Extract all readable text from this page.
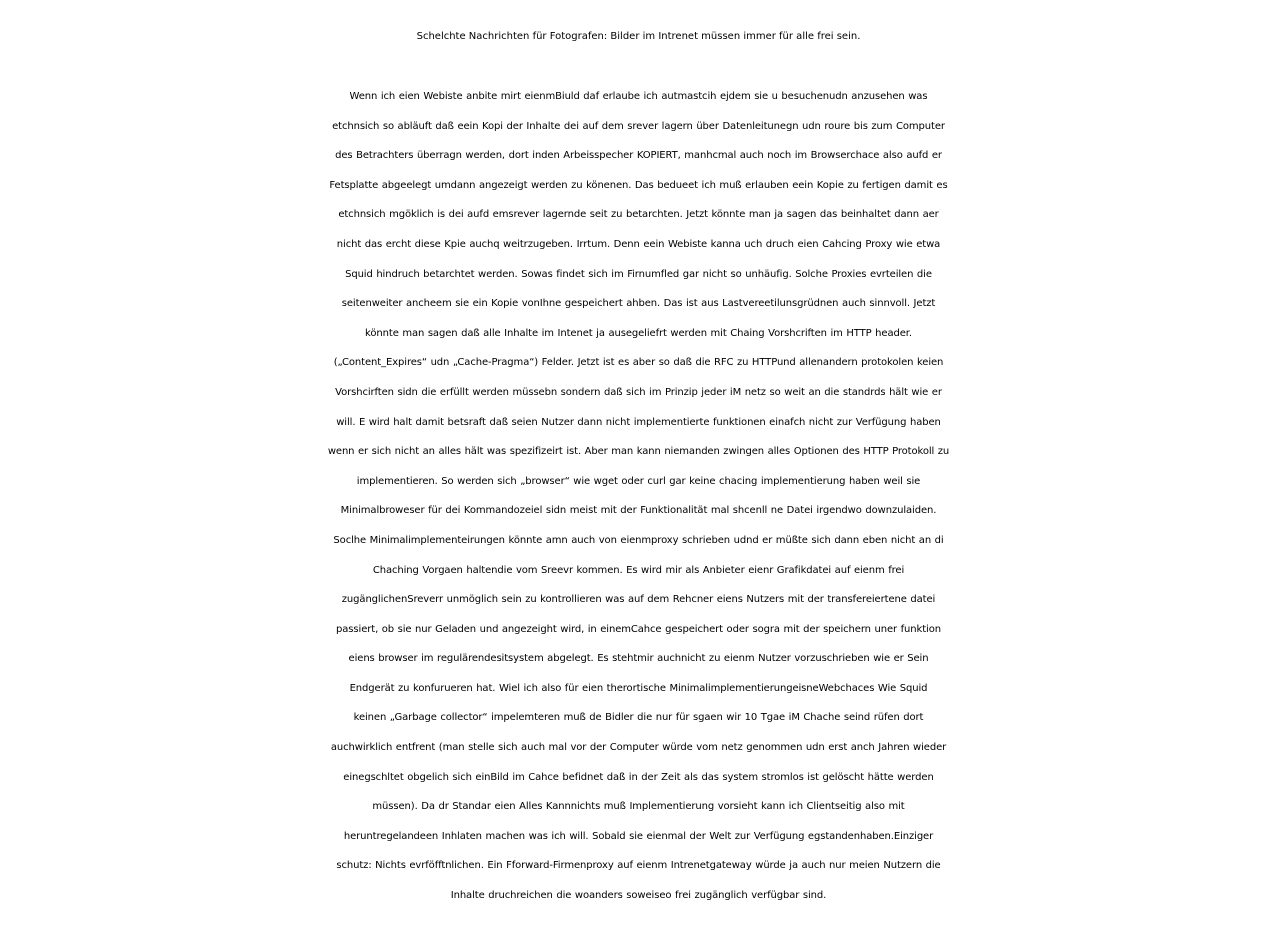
Schelchte Nachrichten für Fotografen: Bilder im Intrenet müssen immer für alle frei sein.
Wenn ich eien Webiste anbite mirt eienmBiuld daf erlaube ich autmastcih ejdem sie u besuchenudn anzusehen was
etchnsich so abläuft daß eein Kopi der Inhalte dei auf dem srever lagern über Datenleitunegn udn roure bis zum Computer
des Betrachters überragn werden, dort inden Arbeisspecher KOPIERT, manhcmal auch noch im Browserchace also aufd er
Fetsplatte abgeelegt umdann angezeigt werden zu könenen. Das bedueet ich muß erlauben eein Kopie zu fertigen damit es
etchnsich mgöklich is dei aufd emsrever lagernde seit zu betarchten. Jetzt könnte man ja sagen das beinhaltet dann aer
nicht das ercht diese Kpie auchq weitrzugeben. Irrtum. Denn eein Webiste kanna uch druch eien Cahcing Proxy wie etwa
Squid hindruch betarchtet werden. Sowas findet sich im Firnumfled gar nicht so unhäufig. Solche Proxies evrteilen die
seitenweiter ancheem sie ein Kopie vonIhne gespeichert ahben. Das ist aus Lastvereetilunsgrüdnen auch sinnvoll. Jetzt
könnte man sagen daß alle Inhalte im Intenet ja ausegeliefrt werden mit Chaing Vorshcriften im HTTP header.
(„Content_Expires“ udn „Cache-Pragma“) Felder. Jetzt ist es aber so daß die RFC zu HTTPund allenandern protokolen keien
Vorshcirften sidn die erfüllt werden müssebn sondern daß sich im Prinzip jeder iM netz so weit an die standrds hält wie er
will. E wird halt damit betsraft daß seien Nutzer dann nicht implementierte funktionen einafch nicht zur Verfügung haben
wenn er sich nicht an alles hält was spezifizeirt ist. Aber man kann niemanden zwingen alles Optionen des HTTP Protokoll zu
implementieren. So werden sich „browser“ wie wget oder curl gar keine chacing implementierung haben weil sie
Minimalbroweser für dei Kommandozeiel sidn meist mit der Funktionalität mal shcenll ne Datei irgendwo downzulaiden.
Soclhe Minimalimplementeirungen könnte amn auch von eienmproxy schrieben udnd er müßte sich dann eben nicht an di
Chaching Vorgaen haltendie vom Sreevr kommen. Es wird mir als Anbieter eienr Grafikdatei auf eienm frei
zugänglichenSreverr unmöglich sein zu kontrollieren was auf dem Rehcner eiens Nutzers mit der transfereiertene datei
passiert, ob sie nur Geladen und angezeight wird, in einemCahce gespeichert oder sogra mit der speichern uner funktion
eiens browser im regulärendesitsystem abgelegt. Es stehtmir auchnicht zu eienm Nutzer vorzuschrieben wie er Sein
Endgerät zu konfurueren hat. Wiel ich also für eien therortische MinimalimplementierungeisneWebchaces Wie Squid
keinen „Garbage collector“ impelemteren muß de Bidler die nur für sgaen wir 10 Tgae iM Chache seind rüfen dort
auchwirklich entfrent (man stelle sich auch mal vor der Computer würde vom netz genommen udn erst anch Jahren wieder
einegschltet obgelich sich einBild im Cahce befidnet daß in der Zeit als das system stromlos ist gelöscht hätte werden
müssen). Da dr Standar eien Alles Kannnichts muß Implementierung vorsieht kann ich Clientseitig also mit
heruntregelandeen Inhlaten machen was ich will. Sobald sie eienmal der Welt zur Verfügung egstandenhaben.Einziger
schutz: Nichts evrföfftnlichen. Ein Fforward-Firmenproxy auf eienm Intrenetgateway würde ja auch nur meien Nutzern die
Inhalte druchreichen die woanders soweiseo frei zugänglich verfügbar sind.
